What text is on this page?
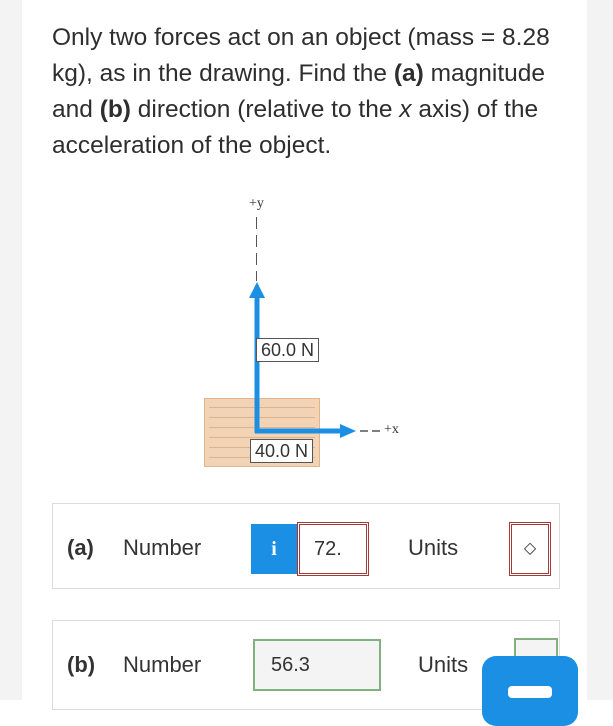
Only two forces act on an object (mass = 8.28 kg), as in the drawing. Find the (a) magnitude and (b) direction (relative to the x axis) of the acceleration of the object.
+y
+x
60.0 N
40.0 N
(a) Number	i	72.	Units	◇
(b) Number	56.3	Units
